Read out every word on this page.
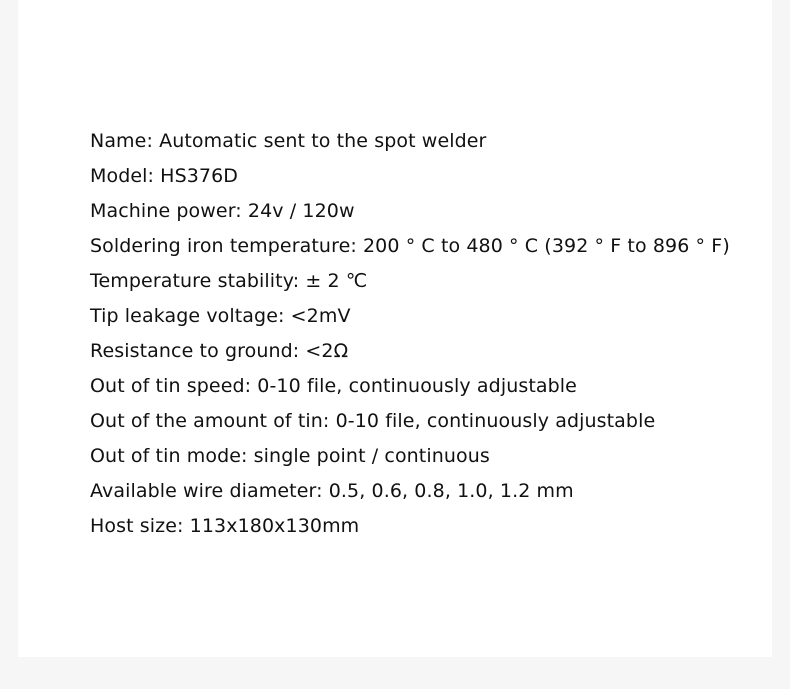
Name: Automatic sent to the spot welder
Model: HS376D
Machine power: 24v / 120w
Soldering iron temperature: 200 ° C to 480 ° C (392 ° F to 896 ° F)
Temperature stability: ± 2 ℃
Tip leakage voltage: <2mV
Resistance to ground: <2Ω
Out of tin speed: 0-10 file, continuously adjustable
Out of the amount of tin: 0-10 file, continuously adjustable
Out of tin mode: single point / continuous
Available wire diameter: 0.5, 0.6, 0.8, 1.0, 1.2 mm
Host size: 113x180x130mm
